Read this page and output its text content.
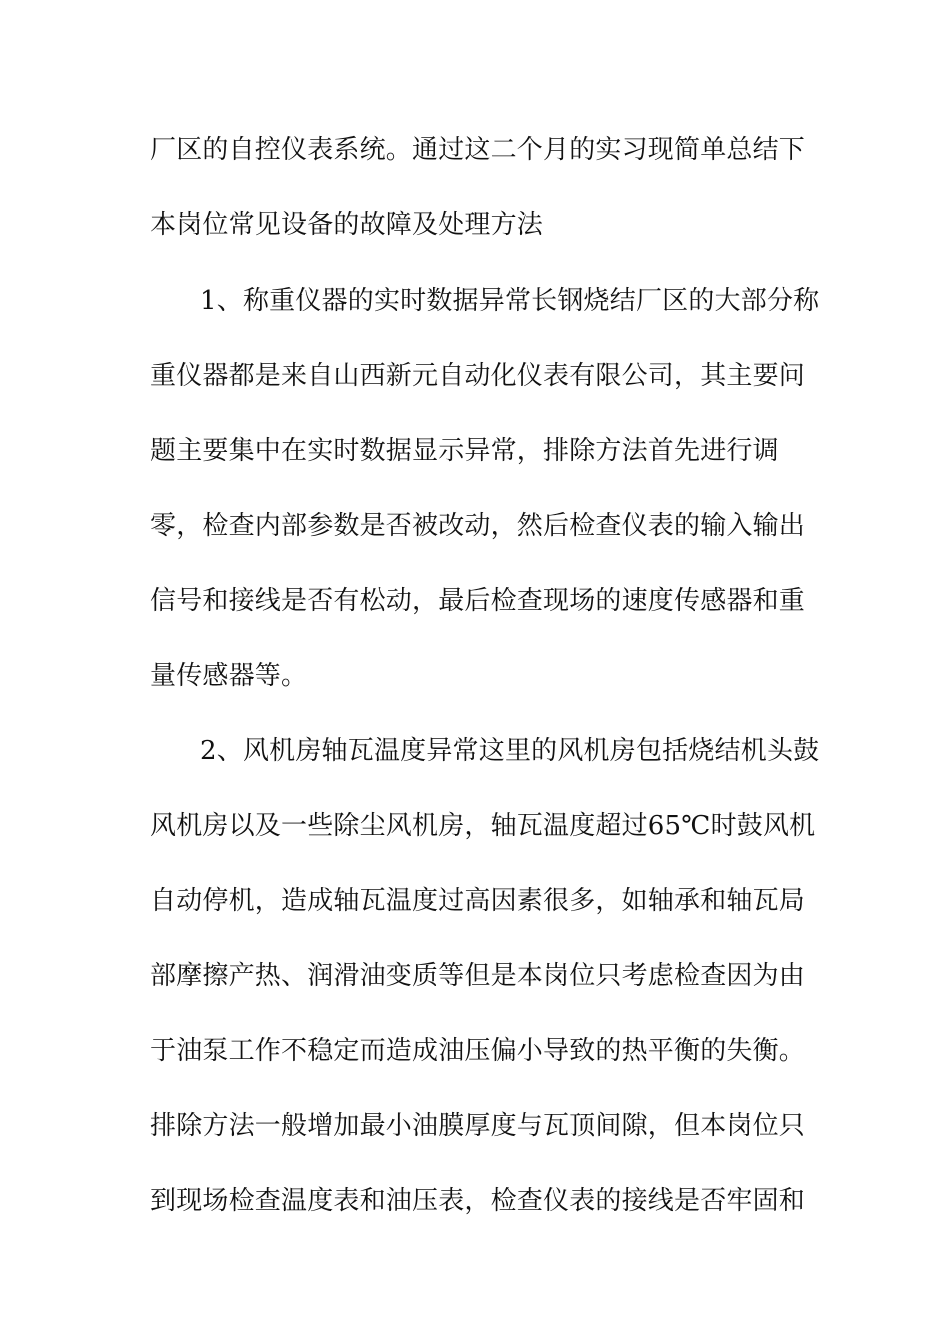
厂区的自控仪表系统。通过这二个月的实习现简单总结下
本岗位常见设备的故障及处理方法
1、称重仪器的实时数据异常长钢烧结厂区的大部分称
重仪器都是来自山西新元自动化仪表有限公司，其主要问
题主要集中在实时数据显示异常，排除方法首先进行调
零，检查内部参数是否被改动，然后检查仪表的输入输出
信号和接线是否有松动，最后检查现场的速度传感器和重
量传感器等。
2、风机房轴瓦温度异常这里的风机房包括烧结机头鼓
风机房以及一些除尘风机房，轴瓦温度超过65℃时鼓风机
自动停机，造成轴瓦温度过高因素很多，如轴承和轴瓦局
部摩擦产热、润滑油变质等但是本岗位只考虑检查因为由
于油泵工作不稳定而造成油压偏小导致的热平衡的失衡。
排除方法一般增加最小油膜厚度与瓦顶间隙，但本岗位只
到现场检查温度表和油压表，检查仪表的接线是否牢固和
